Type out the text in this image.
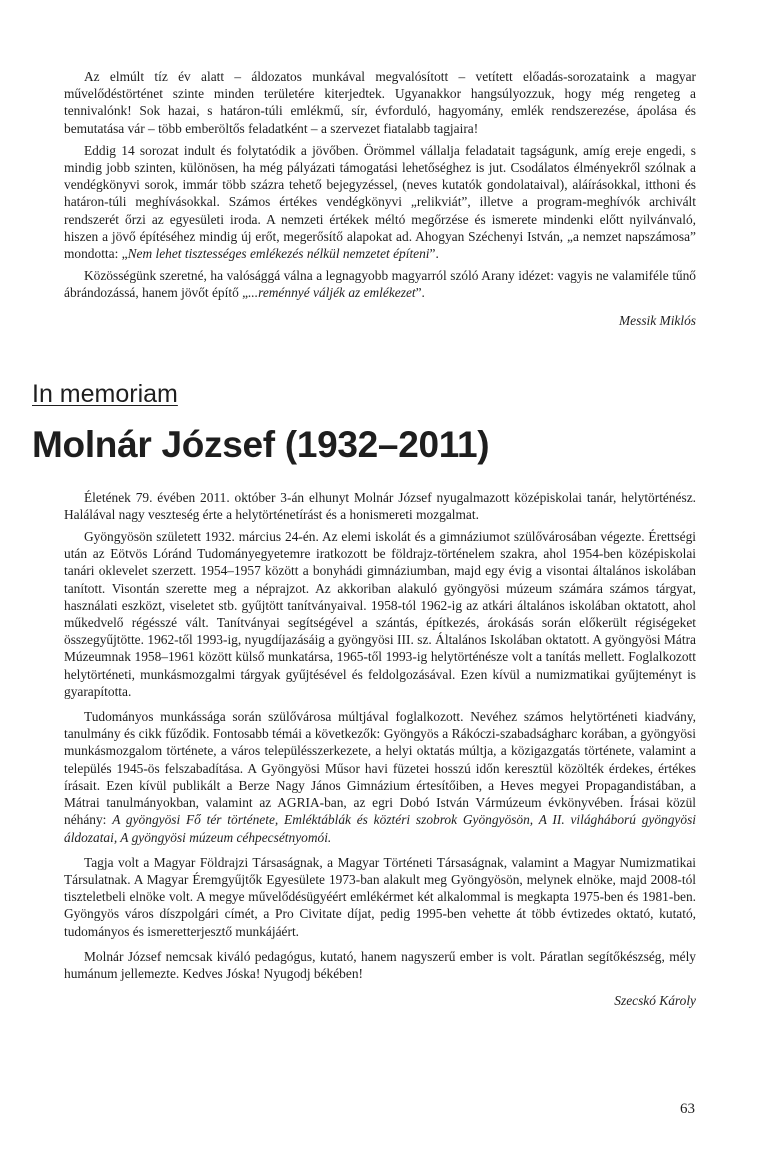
Az elmúlt tíz év alatt – áldozatos munkával megvalósított – vetített előadás-sorozataink a magyar művelődéstörténet szinte minden területére kiterjedtek. Ugyanakkor hangsúlyozzuk, hogy még rengeteg a tennivalónk! Sok hazai, s határon-túli emlékmű, sír, évforduló, hagyomány, emlék rendszerezése, ápolása és bemutatása vár – több emberöltős feladatként – a szervezet fiatalabb tagjaira!

Eddig 14 sorozat indult és folytatódik a jövőben. Örömmel vállalja feladatait tagságunk, amíg ereje engedi, s mindig jobb szinten, különösen, ha még pályázati támogatási lehetőséghez is jut. Csodálatos élményekről szólnak a vendégkönyvi sorok, immár több százra tehető bejegyzéssel, (neves kutatók gondolataival), aláírásokkal, itthoni és határon-túli meghívásokkal. Számos értékes vendégkönyvi „relikviát”, illetve a program-meghívók archivált rendszerét őrzi az egyesületi iroda. A nemzeti értékek méltó megőrzése és ismerete mindenki előtt nyilvánvaló, hiszen a jövő építéséhez mindig új erőt, megerősítő alapokat ad. Ahogyan Széchenyi István, „a nemzet napszámosa” mondotta: „Nem lehet tisztességes emlékezés nélkül nemzetet építeni”.

Közösségünk szeretné, ha valósággá válna a legnagyobb magyarról szóló Arany idézet: vagyis ne valamiféle tűnő ábrándozássá, hanem jövőt építő „...reménnyé váljék az emlékezet”.

Messik Miklós

In memoriam
Molnár József (1932–2011)

Életének 79. évében 2011. október 3-án elhunyt Molnár József nyugalmazott középiskolai tanár, helytörténész. Halálával nagy veszteség érte a helytörténetírást és a honismereti mozgalmat.

Gyöngyösön született 1932. március 24-én. Az elemi iskolát és a gimnáziumot szülővárosában végezte. Érettségi után az Eötvös Lóránd Tudományegyetemre iratkozott be földrajz-történelem szakra, ahol 1954-ben középiskolai tanári oklevelet szerzett. 1954–1957 között a bonyhádi gimnáziumban, majd egy évig a visontai általános iskolában tanított. Visontán szerette meg a néprajzot. Az akkoriban alakuló gyöngyösi múzeum számára számos tárgyat, használati eszközt, viseletet stb. gyűjtött tanítványaival. 1958-tól 1962-ig az atkári általános iskolában oktatott, ahol műkedvelő régésszé vált. Tanítványai segítségével a szántás, építkezés, árokásás során előkerült régiségeket összegyűjtötte. 1962-től 1993-ig, nyugdíjazásáig a gyöngyösi III. sz. Általános Iskolában oktatott. A gyöngyösi Mátra Múzeumnak 1958–1961 között külső munkatársa, 1965-től 1993-ig helytörténésze volt a tanítás mellett. Foglalkozott helytörténeti, munkásmozgalmi tárgyak gyűjtésével és feldolgozásával. Ezen kívül a numizmatikai gyűjteményt is gyarapította.

Tudományos munkássága során szülővárosa múltjával foglalkozott. Nevéhez számos helytörténeti kiadvány, tanulmány és cikk fűződik. Fontosabb témái a következők: Gyöngyös a Rákóczi-szabadságharc korában, a gyöngyösi munkásmozgalom története, a város településszerkezete, a helyi oktatás múltja, a közigazgatás története, valamint a település 1945-ös felszabadítása. A Gyöngyösi Műsor havi füzetei hosszú időn keresztül közölték érdekes, értékes írásait. Ezen kívül publikált a Berze Nagy János Gimnázium értesítőiben, a Heves megyei Propagandistában, a Mátrai tanulmányokban, valamint az AGRIA-ban, az egri Dobó István Vármúzeum évkönyvében. Írásai közül néhány: A gyöngyösi Fő tér története, Emléktáblák és köztéri szobrok Gyöngyösön, A II. világháború gyöngyösi áldozatai, A gyöngyösi múzeum céhpecsétnyomói.

Tagja volt a Magyar Földrajzi Társaságnak, a Magyar Történeti Társaságnak, valamint a Magyar Numizmatikai Társulatnak. A Magyar Éremgyűjtők Egyesülete 1973-ban alakult meg Gyöngyösön, melynek elnöke, majd 2008-tól tiszteletbeli elnöke volt. A megye művelődésügyéért emlékérmet két alkalommal is megkapta 1975-ben és 1981-ben. Gyöngyös város díszpolgári címét, a Pro Civitate díjat, pedig 1995-ben vehette át több évtizedes oktató, kutató, tudományos és ismeretterjesztő munkájáért.

Molnár József nemcsak kiváló pedagógus, kutató, hanem nagyszerű ember is volt. Páratlan segítőkészség, mély humánum jellemezte. Kedves Jóska! Nyugodj békében!

Szecskó Károly

63
